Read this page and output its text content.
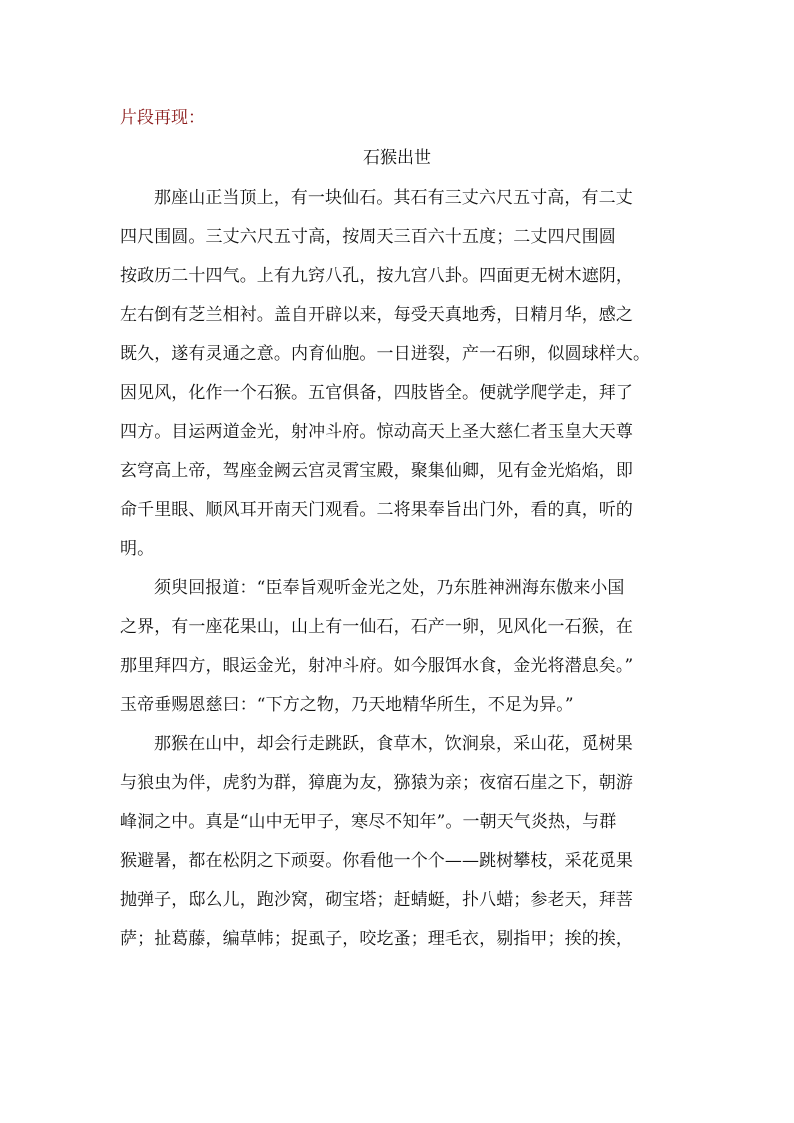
片段再现：
石猴出世
那座山正当顶上，有一块仙石。其石有三丈六尺五寸高，有二丈
四尺围圆。三丈六尺五寸高，按周天三百六十五度；二丈四尺围圆
按政历二十四气。上有九窍八孔，按九宫八卦。四面更无树木遮阴，
左右倒有芝兰相衬。盖自开辟以来，每受天真地秀，日精月华，感之
既久，遂有灵通之意。内育仙胞。一日迸裂，产一石卵，似圆球样大。
因见风，化作一个石猴。五官俱备，四肢皆全。便就学爬学走，拜了
四方。目运两道金光，射冲斗府。惊动高天上圣大慈仁者玉皇大天尊
玄穹高上帝，驾座金阙云宫灵霄宝殿，聚集仙卿，见有金光焰焰，即
命千里眼、顺风耳开南天门观看。二将果奉旨出门外，看的真，听的
明。
须臾回报道：“臣奉旨观听金光之处，乃东胜神洲海东傲来小国
之界，有一座花果山，山上有一仙石，石产一卵，见风化一石猴，在
那里拜四方，眼运金光，射冲斗府。如今服饵水食，金光将潜息矣。”
玉帝垂赐恩慈曰：“下方之物，乃天地精华所生，不足为异。”
那猴在山中，却会行走跳跃，食草木，饮涧泉，采山花，觅树果
与狼虫为伴，虎豹为群，獐鹿为友，猕猿为亲；夜宿石崖之下，朝游
峰洞之中。真是“山中无甲子，寒尽不知年”。一朝天气炎热，与群
猴避暑，都在松阴之下顽耍。你看他一个个——跳树攀枝，采花觅果
抛弹子，邸么儿，跑沙窝，砌宝塔；赶蜻蜓，扑八蜡；参老天，拜菩
萨；扯葛藤，编草帏；捉虱子，咬圪蚤；理毛衣，剔指甲；挨的挨，
